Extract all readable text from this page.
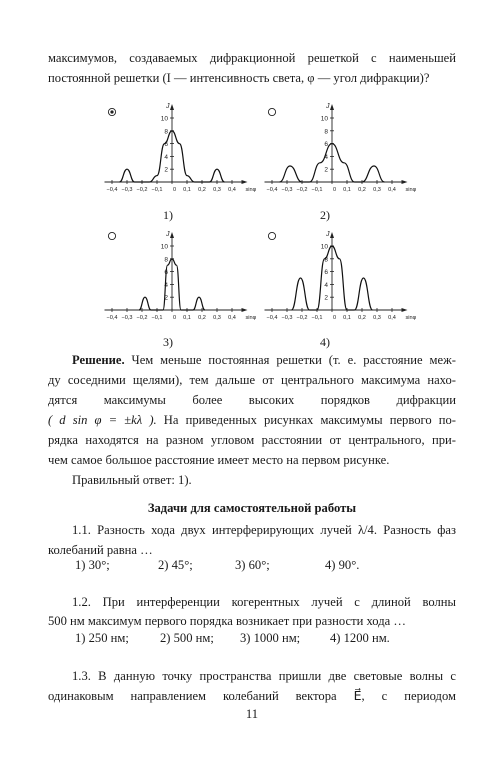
максимумов, создаваемых дифракционной решеткой с наименьшей
постоянной решетки (I — интенсивность света, φ — угол дифракции)?
2
4
6
8
10
J
−0,4 −0,3 −0,2 −0,1 0 0,1 0,2 0,3 0,4 sinφ
2
4
6
8
10
J
−0,4 −0,3 −0,2 −0,1 0 0,1 0,2 0,3 0,4 sinφ
2
4
6
8
10
J
−0,4 −0,3 −0,2 −0,1 0 0,1 0,2 0,3 0,4 sinφ
2
4
6
8
10
J
−0,4 −0,3 −0,2 −0,1 0 0,1 0,2 0,3 0,4 sinφ
1)	2)
3)	4)
Решение. Чем меньше постоянная решетки (т. е. расстояние меж-
ду соседними щелями), тем дальше от центрального максимума нахо-
дятся максимумы более высоких порядков дифракции
( d sin φ = ±kλ ). На приведенных рисунках максимумы первого по-
рядка находятся на разном угловом расстоянии от центрального, при-
чем самое большое расстояние имеет место на первом рисунке.
Правильный ответ: 1).
Задачи для самостоятельной работы
1.1. Разность хода двух интерферирующих лучей λ/4. Разность фаз
колебаний равна …
1) 30°;	2) 45°;	3) 60°;	4) 90°.
1.2. При интерференции когерентных лучей с длиной волны
500 нм максимум первого порядка возникает при разности хода …
1) 250 нм; 2) 500 нм; 3) 1000 нм; 4) 1200 нм.
1.3. В данную точку пространства пришли две световые волны с
одинаковым направлением колебаний вектора E⃗, с периодом
11
